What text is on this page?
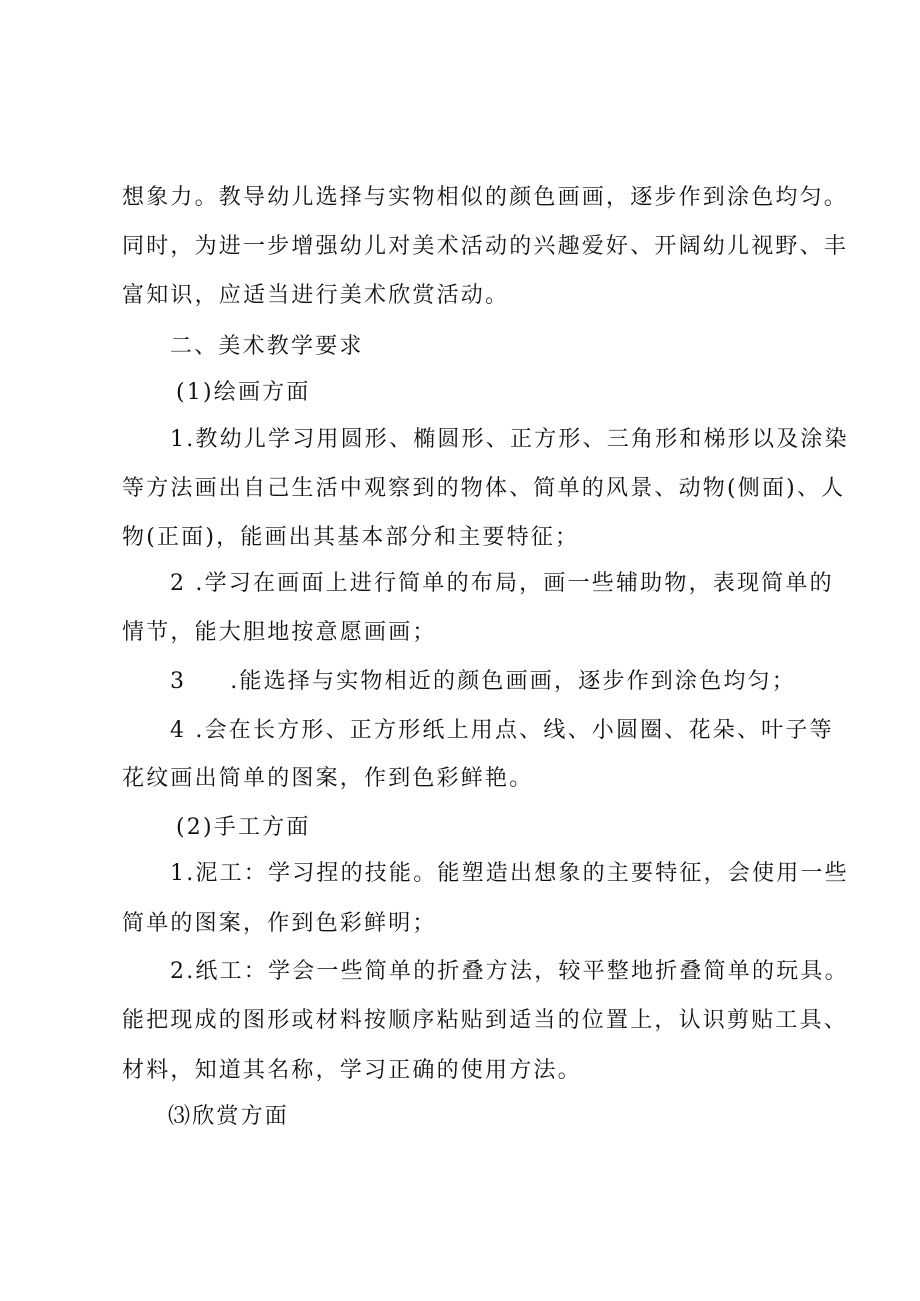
想象力。教导幼儿选择与实物相似的颜色画画，逐步作到涂色均匀。
同时，为进一步增强幼儿对美术活动的兴趣爱好、开阔幼儿视野、丰
富知识，应适当进行美术欣赏活动。
二、美术教学要求
(1)绘画方面
1.教幼儿学习用圆形、椭圆形、正方形、三角形和梯形以及涂染
等方法画出自己生活中观察到的物体、简单的风景、动物(侧面)、人
物(正面)，能画出其基本部分和主要特征；
2 .学习在画面上进行简单的布局，画一些辅助物，表现简单的
情节，能大胆地按意愿画画；
3 .能选择与实物相近的颜色画画，逐步作到涂色均匀；
4 .会在长方形、正方形纸上用点、线、小圆圈、花朵、叶子等
花纹画出简单的图案，作到色彩鲜艳。
(2)手工方面
1.泥工：学习捏的技能。能塑造出想象的主要特征，会使用一些
简单的图案，作到色彩鲜明；
2.纸工：学会一些简单的折叠方法，较平整地折叠简单的玩具。
能把现成的图形或材料按顺序粘贴到适当的位置上，认识剪贴工具、
材料，知道其名称，学习正确的使用方法。
⑶欣赏方面
